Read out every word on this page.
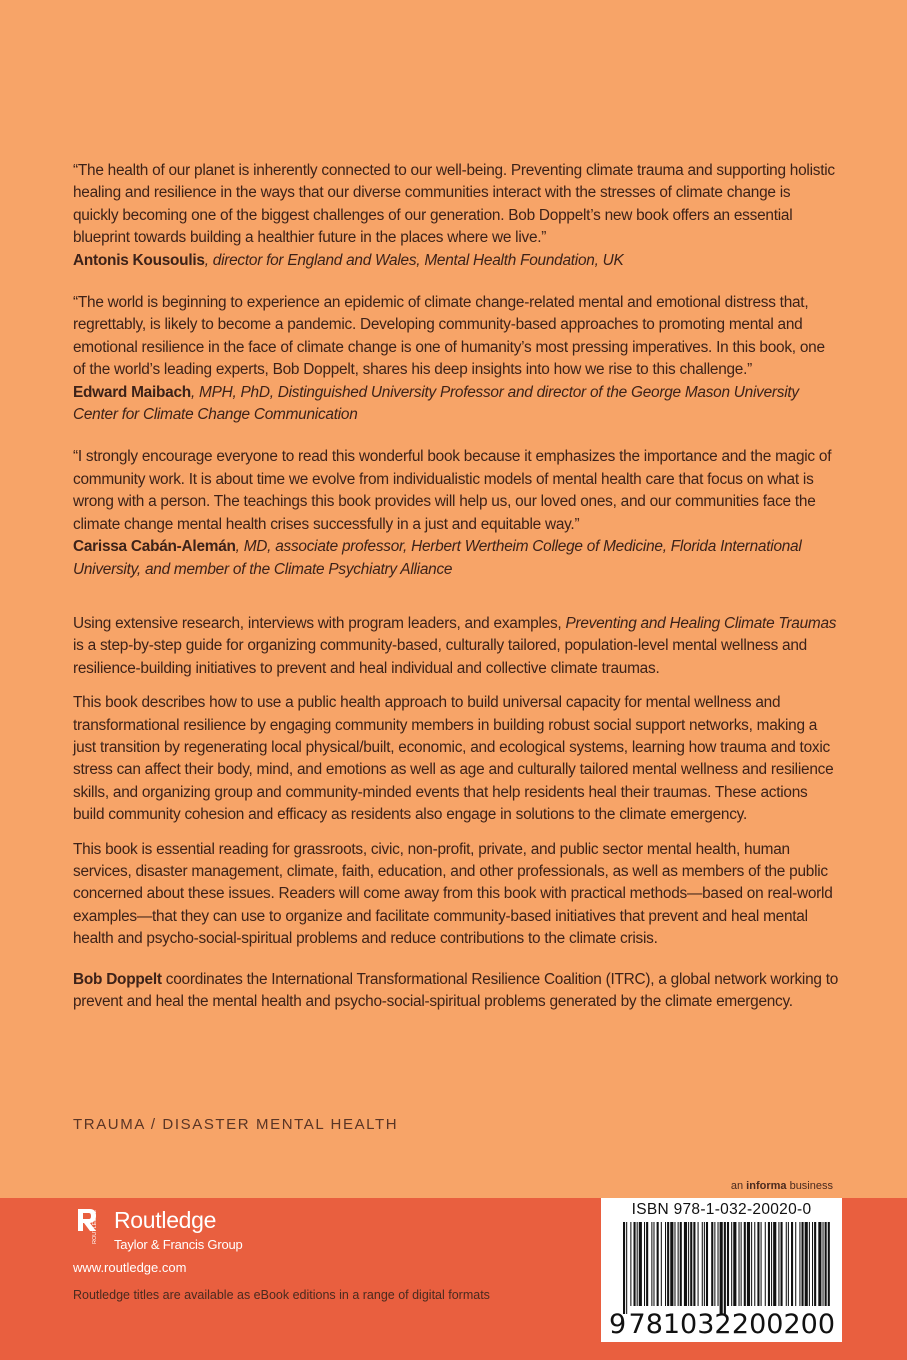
“The health of our planet is inherently connected to our well-being. Preventing climate trauma and supporting holistic healing and resilience in the ways that our diverse communities interact with the stresses of climate change is quickly becoming one of the biggest challenges of our generation. Bob Doppelt’s new book offers an essential blueprint towards building a healthier future in the places where we live.”

Antonis Kousoulis, director for England and Wales, Mental Health Foundation, UK

“The world is beginning to experience an epidemic of climate change-related mental and emotional distress that, regrettably, is likely to become a pandemic. Developing community-based approaches to promoting mental and emotional resilience in the face of climate change is one of humanity’s most pressing imperatives. In this book, one of the world’s leading experts, Bob Doppelt, shares his deep insights into how we rise to this challenge.”

Edward Maibach, MPH, PhD, Distinguished University Professor and director of the George Mason University Center for Climate Change Communication

“I strongly encourage everyone to read this wonderful book because it emphasizes the importance and the magic of community work. It is about time we evolve from individualistic models of mental health care that focus on what is wrong with a person. The teachings this book provides will help us, our loved ones, and our communities face the climate change mental health crises successfully in a just and equitable way.”

Carissa Cabán-Alemán, MD, associate professor, Herbert Wertheim College of Medicine, Florida International University, and member of the Climate Psychiatry Alliance

Using extensive research, interviews with program leaders, and examples, Preventing and Healing Climate Traumas is a step-by-step guide for organizing community-based, culturally tailored, population-level mental wellness and resilience-building initiatives to prevent and heal individual and collective climate traumas.

This book describes how to use a public health approach to build universal capacity for mental wellness and transformational resilience by engaging community members in building robust social support networks, making a just transition by regenerating local physical/built, economic, and ecological systems, learning how trauma and toxic stress can affect their body, mind, and emotions as well as age and culturally tailored mental wellness and resilience skills, and organizing group and community-minded events that help residents heal their traumas. These actions build community cohesion and efficacy as residents also engage in solutions to the climate emergency.

This book is essential reading for grassroots, civic, non-profit, private, and public sector mental health, human services, disaster management, climate, faith, education, and other professionals, as well as members of the public concerned about these issues. Readers will come away from this book with practical methods—based on real-world examples—that they can use to organize and facilitate community-based initiatives that prevent and heal mental health and psycho-social-spiritual problems and reduce contributions to the climate crisis.

Bob Doppelt coordinates the International Transformational Resilience Coalition (ITRC), a global network working to prevent and heal the mental health and psycho-social-spiritual problems generated by the climate emergency.

TRAUMA / DISASTER MENTAL HEALTH
an informa business
ROUTLEDGE Routledge
Taylor & Francis Group
www.routledge.com
Routledge titles are available as eBook editions in a range of digital formats
ISBN 978-1-032-20020-0
9 781032 200200
